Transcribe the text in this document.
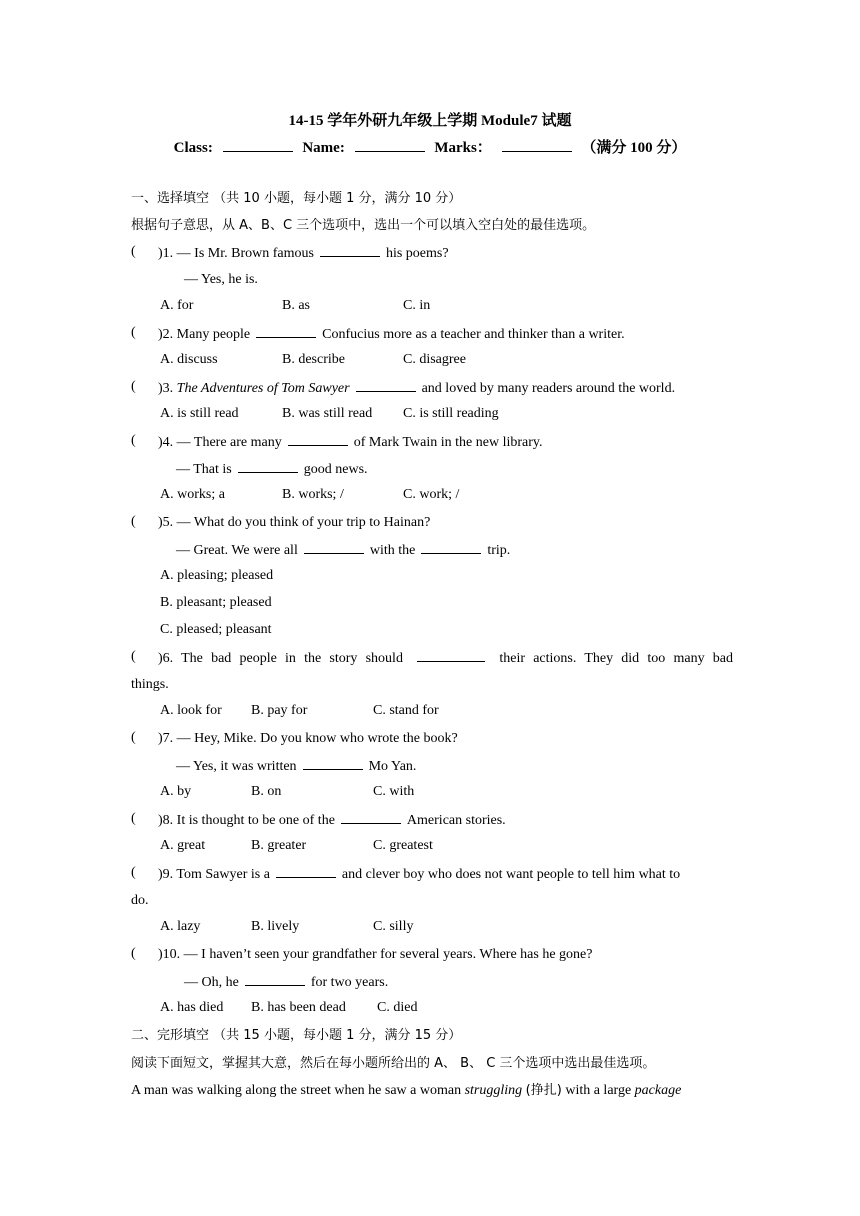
14-15 学年外研九年级上学期 Module7 试题
Class:	Name:	Marks：	（满分 100 分）
一、选择填空 （共 10 小题，每小题 1 分，满分 10 分）
根据句子意思，从 A、B、C 三个选项中，选出一个可以填入空白处的最佳选项。
( )1. — Is Mr. Brown famous	his poems?
— Yes, he is.
A. for	B. as	C. in
( )2. Many people	Confucius more as a teacher and thinker than a writer.
A. discuss	B. describe	C. disagree
( )3. The Adventures of Tom Sawyer	and loved by many readers around the world.
A. is still read	B. was still read C. is still reading
( )4. — There are many	of Mark Twain in the new library.
— That is	good news.
A. works; a	B. works; /	C. work; /
( )5. — What do you think of your trip to Hainan?
— Great. We were all	with the	trip.
A. pleasing; pleased
B. pleasant; pleased
C. pleased; pleasant
( )6. The bad people in the story should	their actions. They did too many bad
things.
A. look for B. pay for	C. stand for
( )7. — Hey, Mike. Do you know who wrote the book?
— Yes, it was written	Mo Yan.
A. by	B. on	C. with
( )8. It is thought to be one of the	American stories.
A. great	B. greater	C. greatest
( )9. Tom Sawyer is a	and clever boy who does not want people to tell him what to
do.
A. lazy	B. lively	C. silly
( )10. — I haven’t seen your grandfather for several years. Where has he gone?
— Oh, he	for two years.
A. has died B. has been dead C. died
二、完形填空 （共 15 小题，每小题 1 分，满分 15 分）
阅读下面短文，掌握其大意，然后在每小题所给出的 A、 B、 C 三个选项中选出最佳选项。
A man was walking along the street when he saw a woman struggling (挣扎) with a large package
